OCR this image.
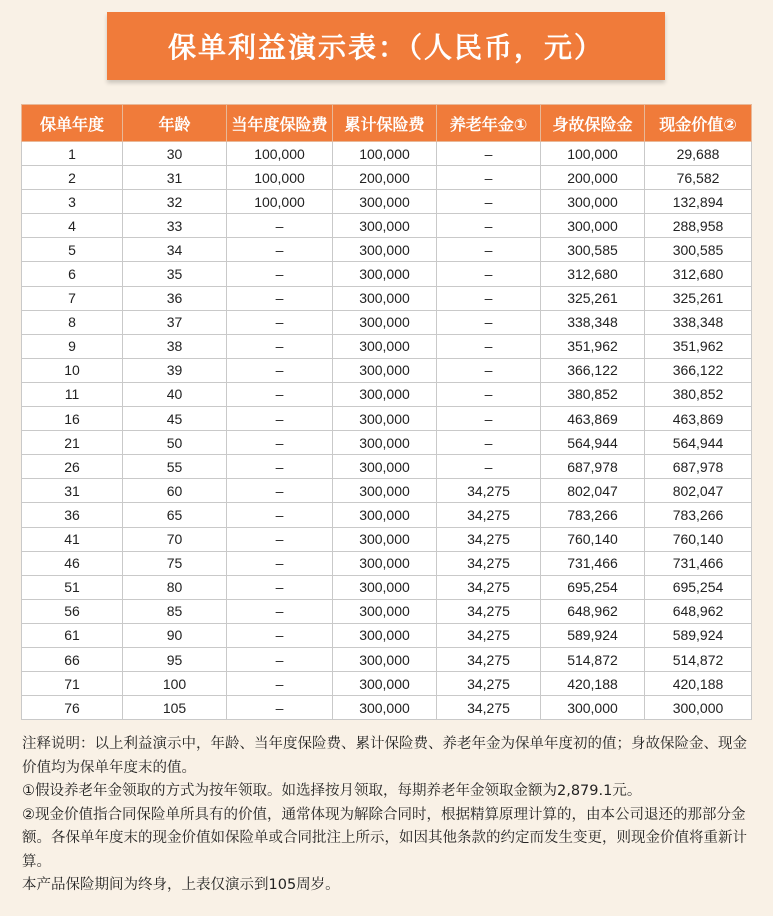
保单利益演示表：（人民币，元）
保单年度	年龄	当年度保险费	累计保险费	养老年金①	身故保险金	现金价值②
1	30	100,000	100,000	–	100,000	29,688
2	31	100,000	200,000	–	200,000	76,582
3	32	100,000	300,000	–	300,000	132,894
4	33	–	300,000	–	300,000	288,958
5	34	–	300,000	–	300,585	300,585
6	35	–	300,000	–	312,680	312,680
7	36	–	300,000	–	325,261	325,261
8	37	–	300,000	–	338,348	338,348
9	38	–	300,000	–	351,962	351,962
10	39	–	300,000	–	366,122	366,122
11	40	–	300,000	–	380,852	380,852
16	45	–	300,000	–	463,869	463,869
21	50	–	300,000	–	564,944	564,944
26	55	–	300,000	–	687,978	687,978
31	60	–	300,000	34,275	802,047	802,047
36	65	–	300,000	34,275	783,266	783,266
41	70	–	300,000	34,275	760,140	760,140
46	75	–	300,000	34,275	731,466	731,466
51	80	–	300,000	34,275	695,254	695,254
56	85	–	300,000	34,275	648,962	648,962
61	90	–	300,000	34,275	589,924	589,924
66	95	–	300,000	34,275	514,872	514,872
71	100	–	300,000	34,275	420,188	420,188
76	105	–	300,000	34,275	300,000	300,000

注释说明：以上利益演示中，年龄、当年度保险费、累计保险费、养老年金为保单年度初的值；身故保险金、现金价值均为保单年度末的值。

①假设养老年金领取的方式为按年领取。如选择按月领取，每期养老年金领取金额为2,879.1元。

②现金价值指合同保险单所具有的价值，通常体现为解除合同时，根据精算原理计算的，由本公司退还的那部分金额。各保单年度末的现金价值如保险单或合同批注上所示，如因其他条款的约定而发生变更，则现金价值将重新计算。

本产品保险期间为终身，上表仅演示到105周岁。
